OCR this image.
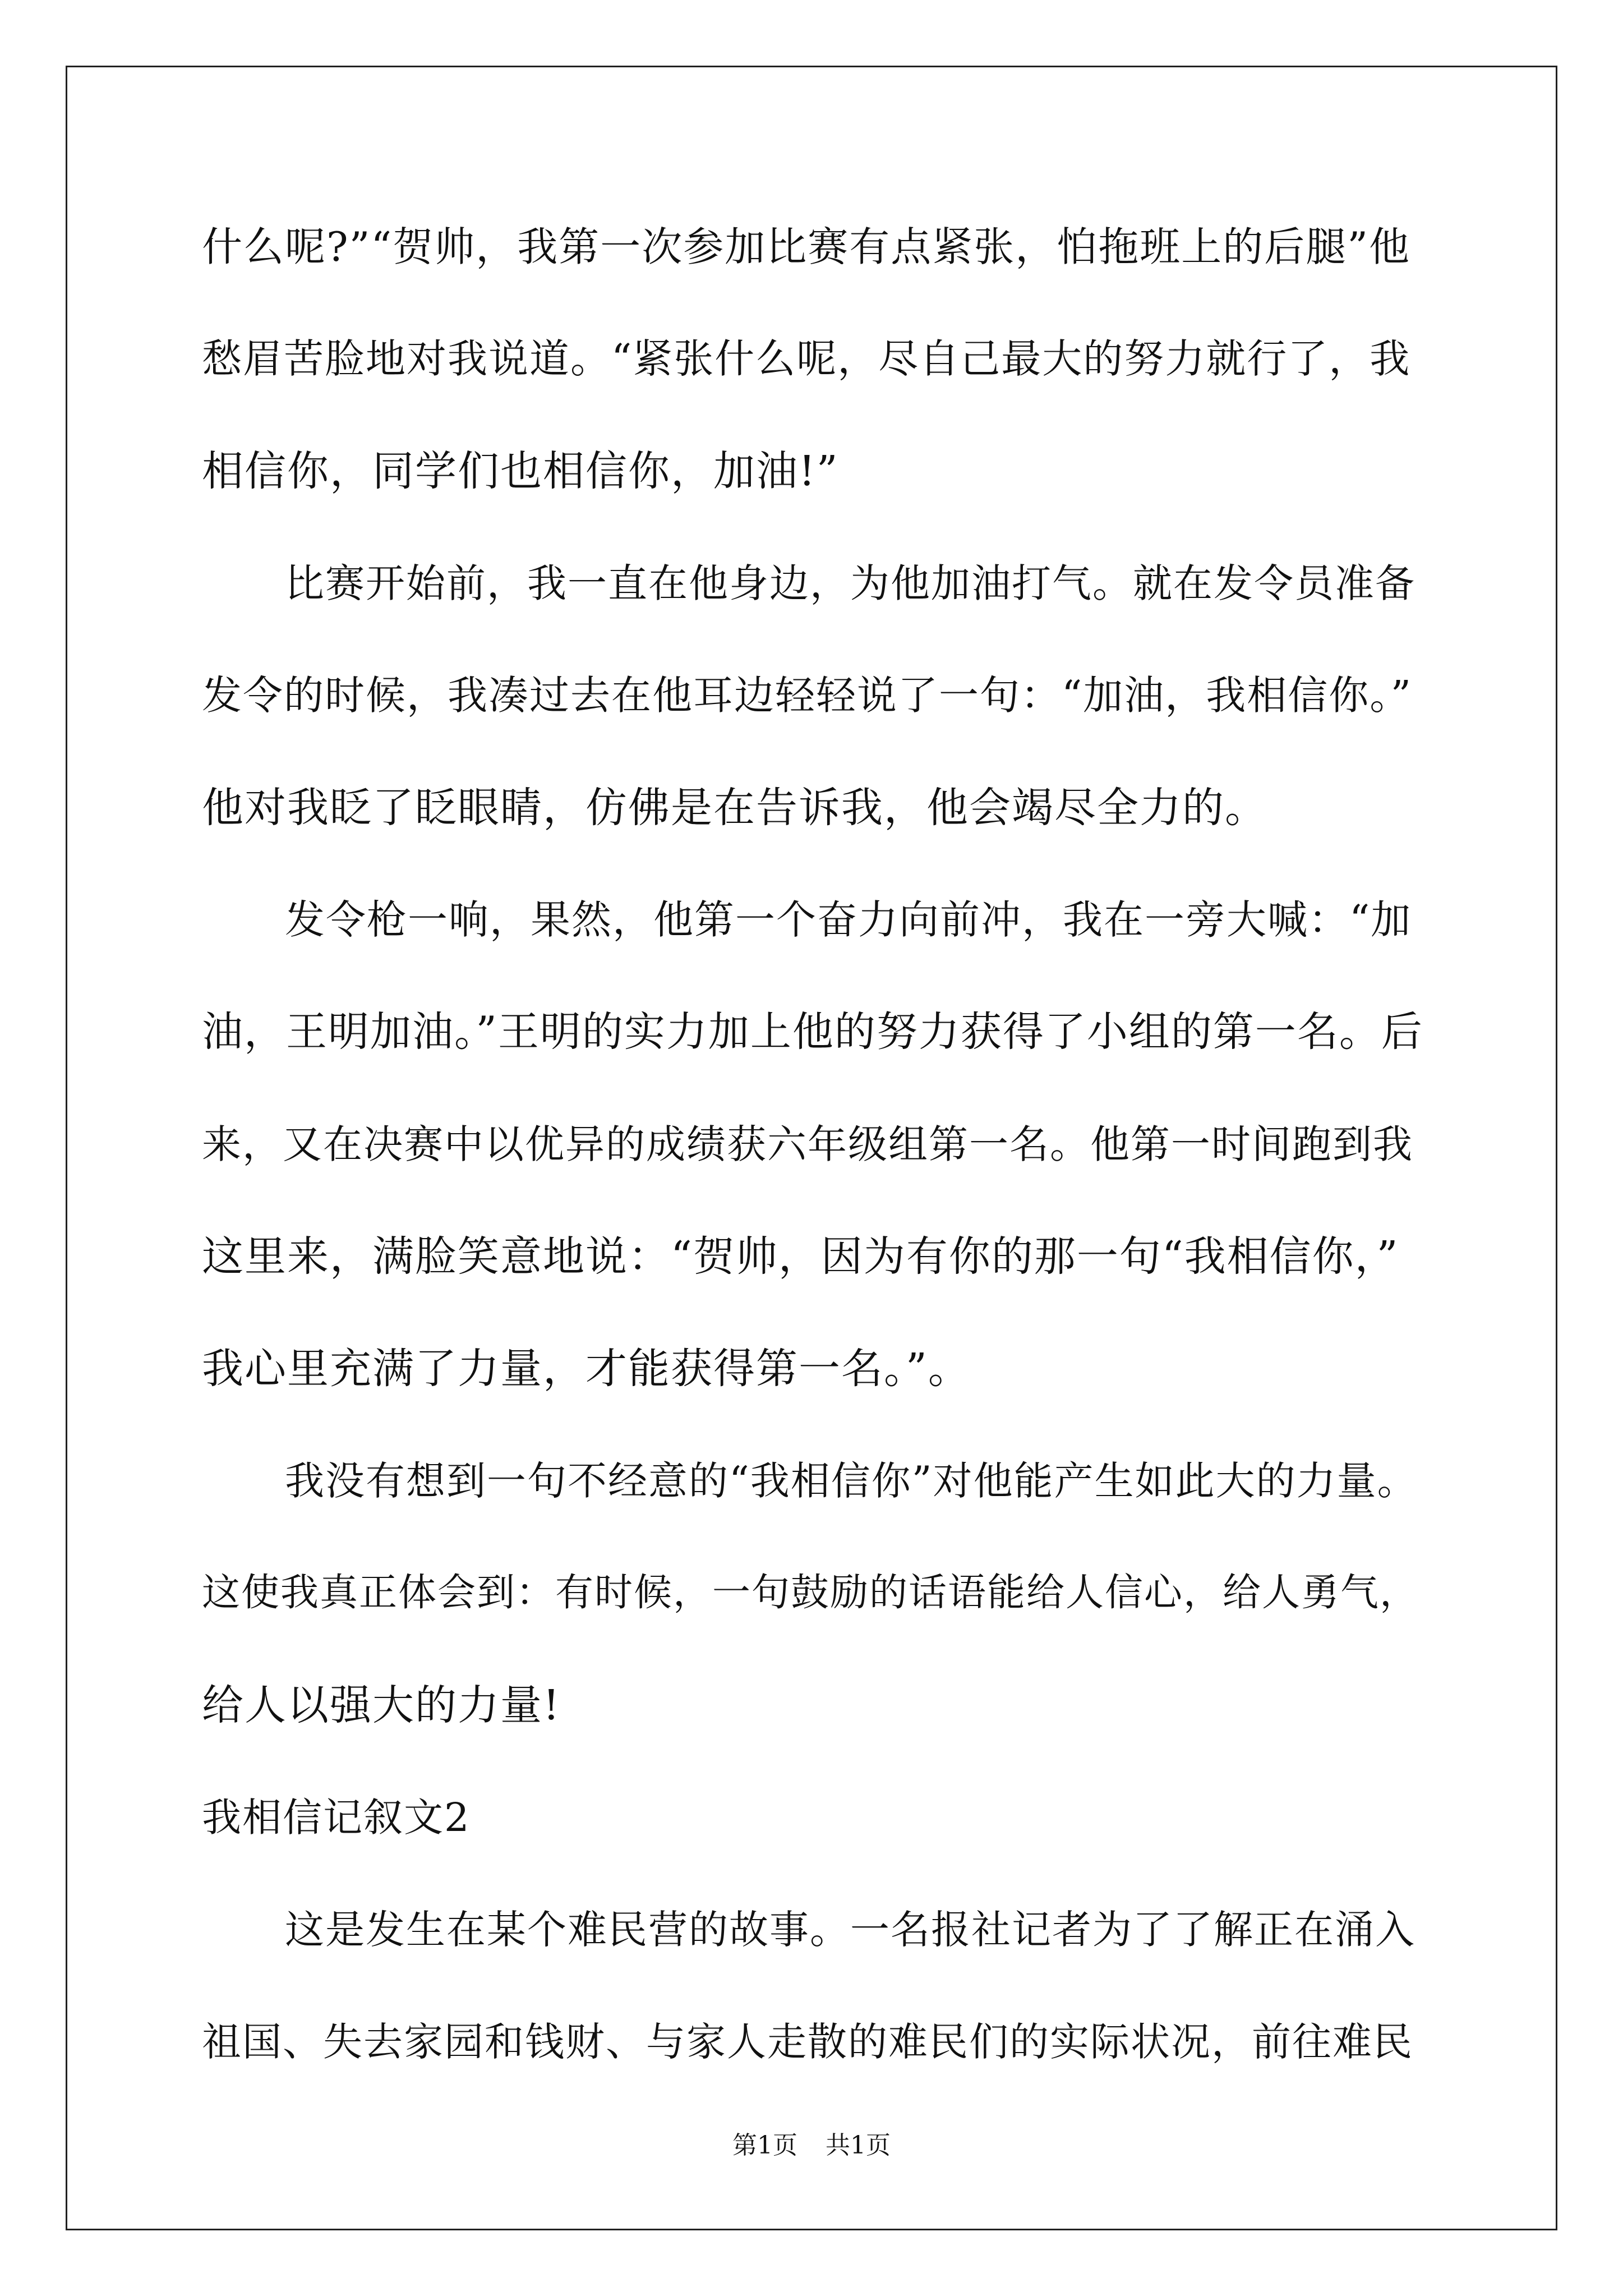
什么呢?”“贺帅，我第一次参加比赛有点紧张，怕拖班上的后腿”他
愁眉苦脸地对我说道。“紧张什么呢，尽自己最大的努力就行了，我
相信你，同学们也相信你，加油!”
比赛开始前，我一直在他身边，为他加油打气。就在发令员准备
发令的时候，我凑过去在他耳边轻轻说了一句：“加油，我相信你。”
他对我眨了眨眼睛，仿佛是在告诉我，他会竭尽全力的。
发令枪一响，果然，他第一个奋力向前冲，我在一旁大喊：“加
油，王明加油。”王明的实力加上他的努力获得了小组的第一名。后
来，又在决赛中以优异的成绩获六年级组第一名。他第一时间跑到我
这里来，满脸笑意地说：“贺帅，因为有你的那一句“我相信你，”
我心里充满了力量，才能获得第一名。”。
我没有想到一句不经意的“我相信你”对他能产生如此大的力量。
这使我真正体会到：有时候，一句鼓励的话语能给人信心，给人勇气，
给人以强大的力量!
我相信记叙文2
这是发生在某个难民营的故事。一名报社记者为了了解正在涌入
祖国、失去家园和钱财、与家人走散的难民们的实际状况，前往难民
第1页 共1页
